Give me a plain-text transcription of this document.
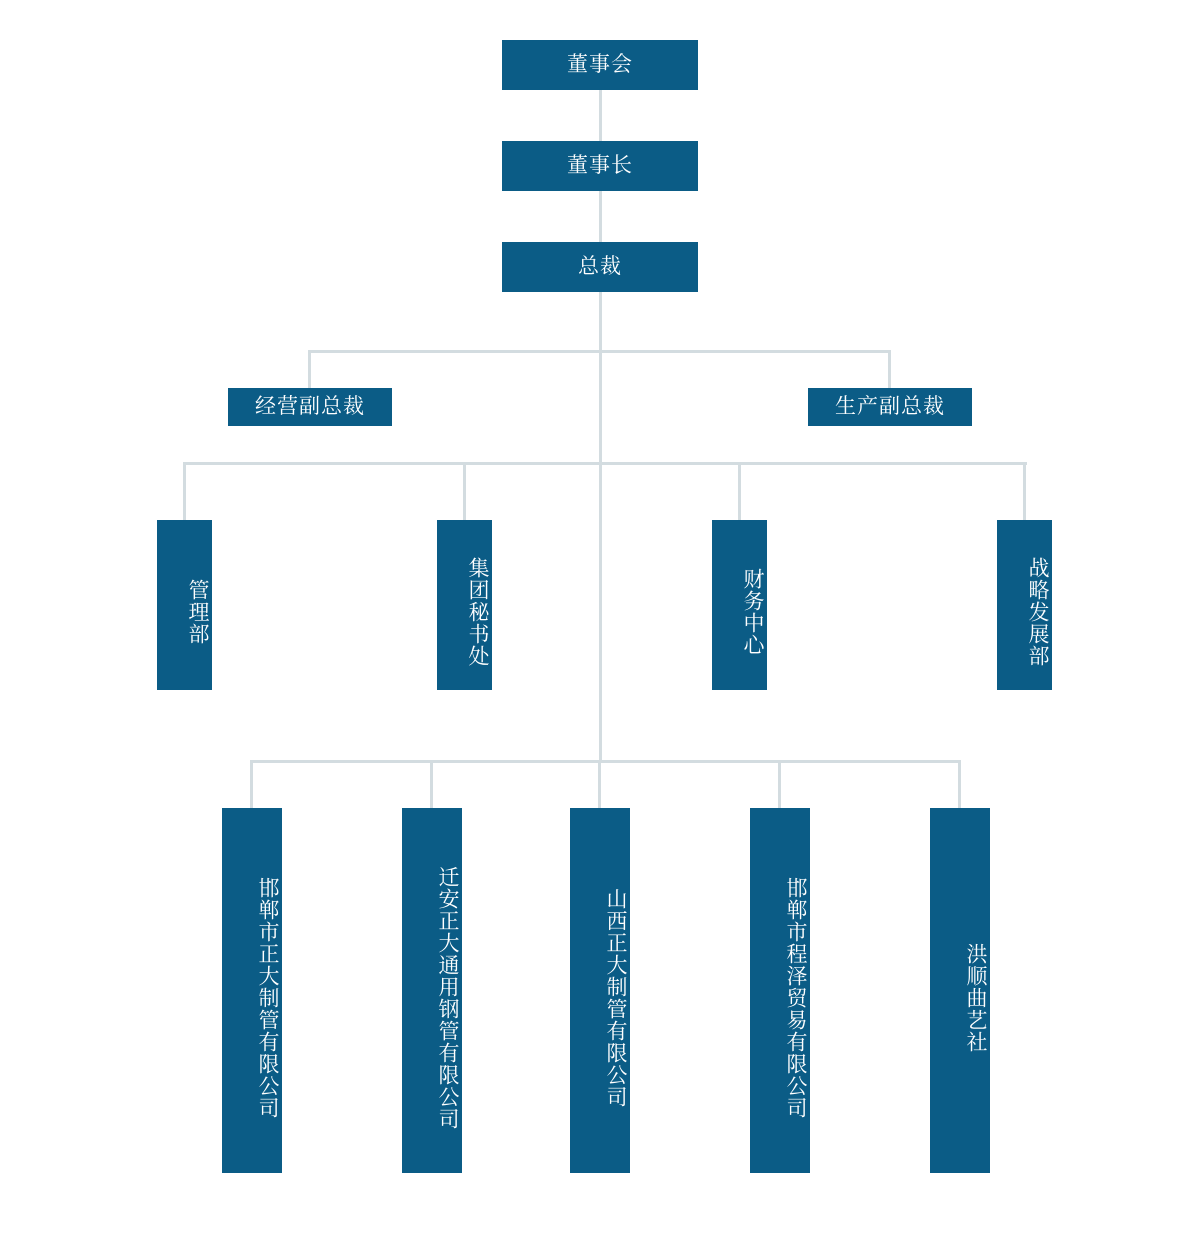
董事会
董事长
总裁
经营副总裁	生产副总裁
管理部	集团秘书处	财务中心	战略发展部
邯郸市正大制管有限公司	迁安正大通用钢管有限公司	山西正大制管有限公司	邯郸市程泽贸易有限公司	洪顺曲艺社
